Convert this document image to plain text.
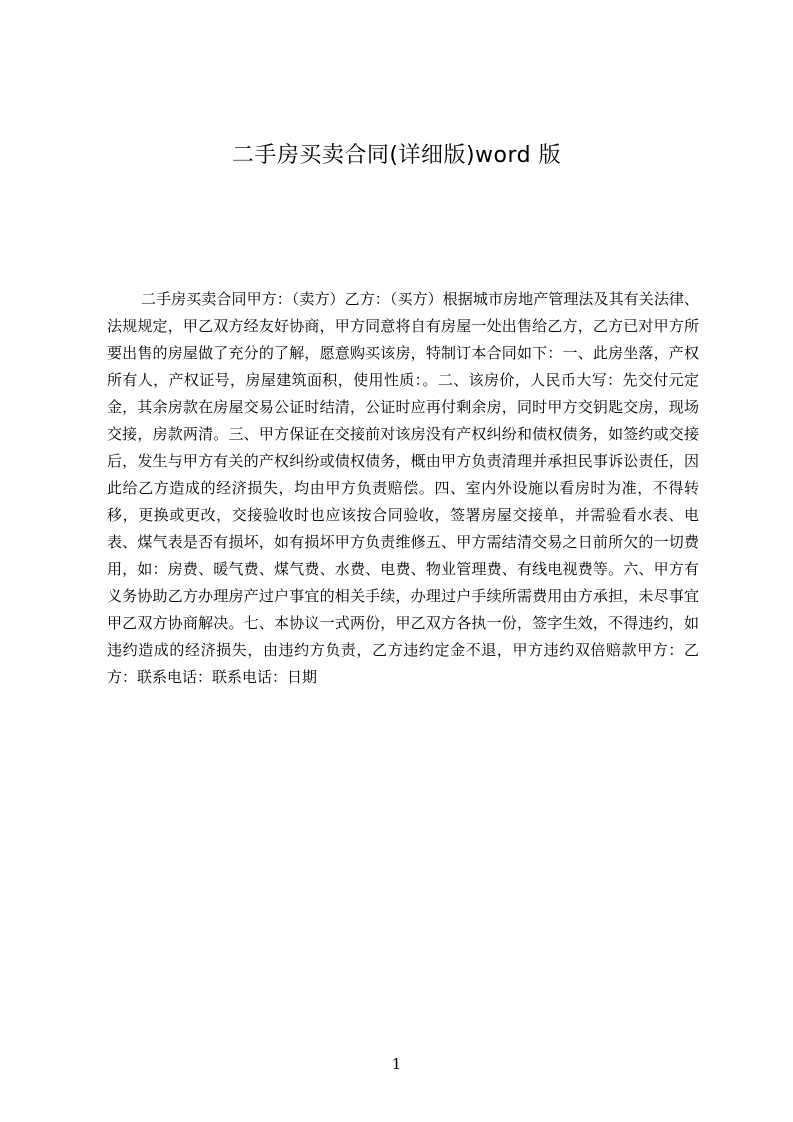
二手房买卖合同(详细版)word 版
二手房买卖合同甲方：（卖方）乙方：（买方）根据城市房地产管理法及其有关法律、法规规定，甲乙双方经友好协商，甲方同意将自有房屋一处出售给乙方，乙方已对甲方所要出售的房屋做了充分的了解，愿意购买该房，特制订本合同如下：一、此房坐落，产权所有人，产权证号，房屋建筑面积，使用性质：。二、该房价，人民币大写：先交付元定金，其余房款在房屋交易公证时结清，公证时应再付剩余房，同时甲方交钥匙交房，现场交接，房款两清。三、甲方保证在交接前对该房没有产权纠纷和债权债务，如签约或交接后，发生与甲方有关的产权纠纷或债权债务，概由甲方负责清理并承担民事诉讼责任，因此给乙方造成的经济损失，均由甲方负责赔偿。四、室内外设施以看房时为准，不得转移，更换或更改，交接验收时也应该按合同验收，签署房屋交接单，并需验看水表、电表、煤气表是否有损坏，如有损坏甲方负责维修五、甲方需结清交易之日前所欠的一切费用，如：房费、暖气费、煤气费、水费、电费、物业管理费、有线电视费等。六、甲方有义务协助乙方办理房产过户事宜的相关手续，办理过户手续所需费用由方承担，未尽事宜甲乙双方协商解决。七、本协议一式两份，甲乙双方各执一份，签字生效，不得违约，如违约造成的经济损失，由违约方负责，乙方违约定金不退，甲方违约双倍赔款甲方：乙方：联系电话：联系电话：日期
1
